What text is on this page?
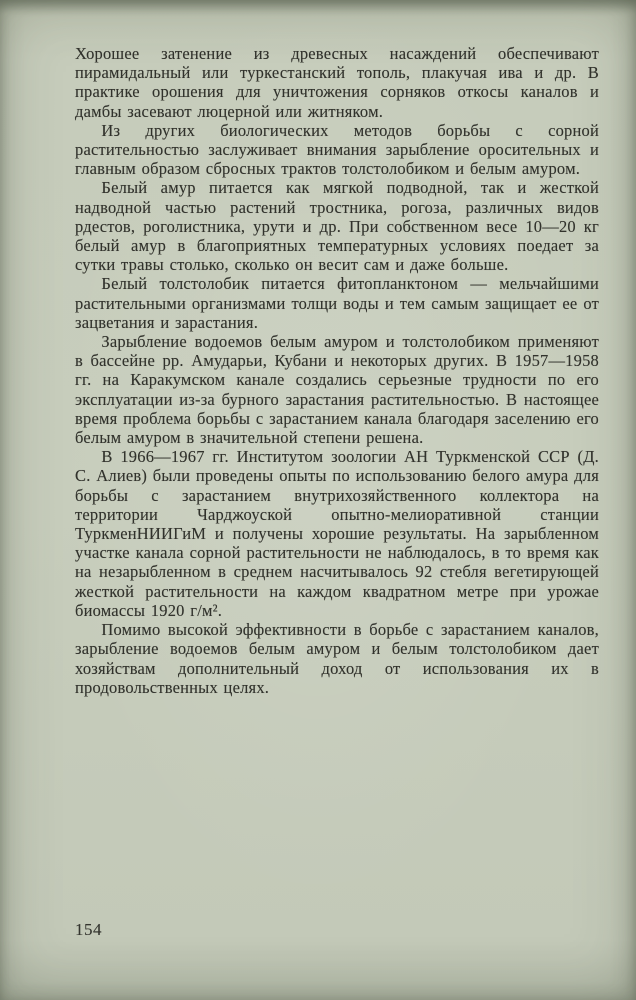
Хорошее затенение из древесных насаждений обеспечивают пирамидальный или туркестанский тополь, плакучая ива и др. В практике орошения для уничтожения сорняков откосы каналов и дамбы засевают люцерной или житняком.

Из других биологических методов борьбы с сорной растительностью заслуживает внимания зарыбление оросительных и главным образом сбросных трактов толстолобиком и белым амуром.

Белый амур питается как мягкой подводной, так и жесткой надводной частью растений тростника, рогоза, различных видов рдестов, роголистника, урути и др. При собственном весе 10—20 кг белый амур в благоприятных температурных условиях поедает за сутки травы столько, сколько он весит сам и даже больше.

Белый толстолобик питается фитопланктоном — мельчайшими растительными организмами толщи воды и тем самым защищает ее от зацветания и зарастания.

Зарыбление водоемов белым амуром и толстолобиком применяют в бассейне рр. Амударьи, Кубани и некоторых других. В 1957—1958 гг. на Каракумском канале создались серьезные трудности по его эксплуатации из-за бурного зарастания растительностью. В настоящее время проблема борьбы с зарастанием канала благодаря заселению его белым амуром в значительной степени решена.

В 1966—1967 гг. Институтом зоологии АН Туркменской ССР (Д. С. Алиев) были проведены опыты по использованию белого амура для борьбы с зарастанием внутрихозяйственного коллектора на территории Чарджоуской опытно-мелиоративной станции ТуркменНИИГиМ и получены хорошие результаты. На зарыбленном участке канала сорной растительности не наблюдалось, в то время как на незарыбленном в среднем насчитывалось 92 стебля вегетирующей жесткой растительности на каждом квадратном метре при урожае биомассы 1920 г/м².

Помимо высокой эффективности в борьбе с зарастанием каналов, зарыбление водоемов белым амуром и белым толстолобиком дает хозяйствам дополнительный доход от использования их в продовольственных целях.

154
